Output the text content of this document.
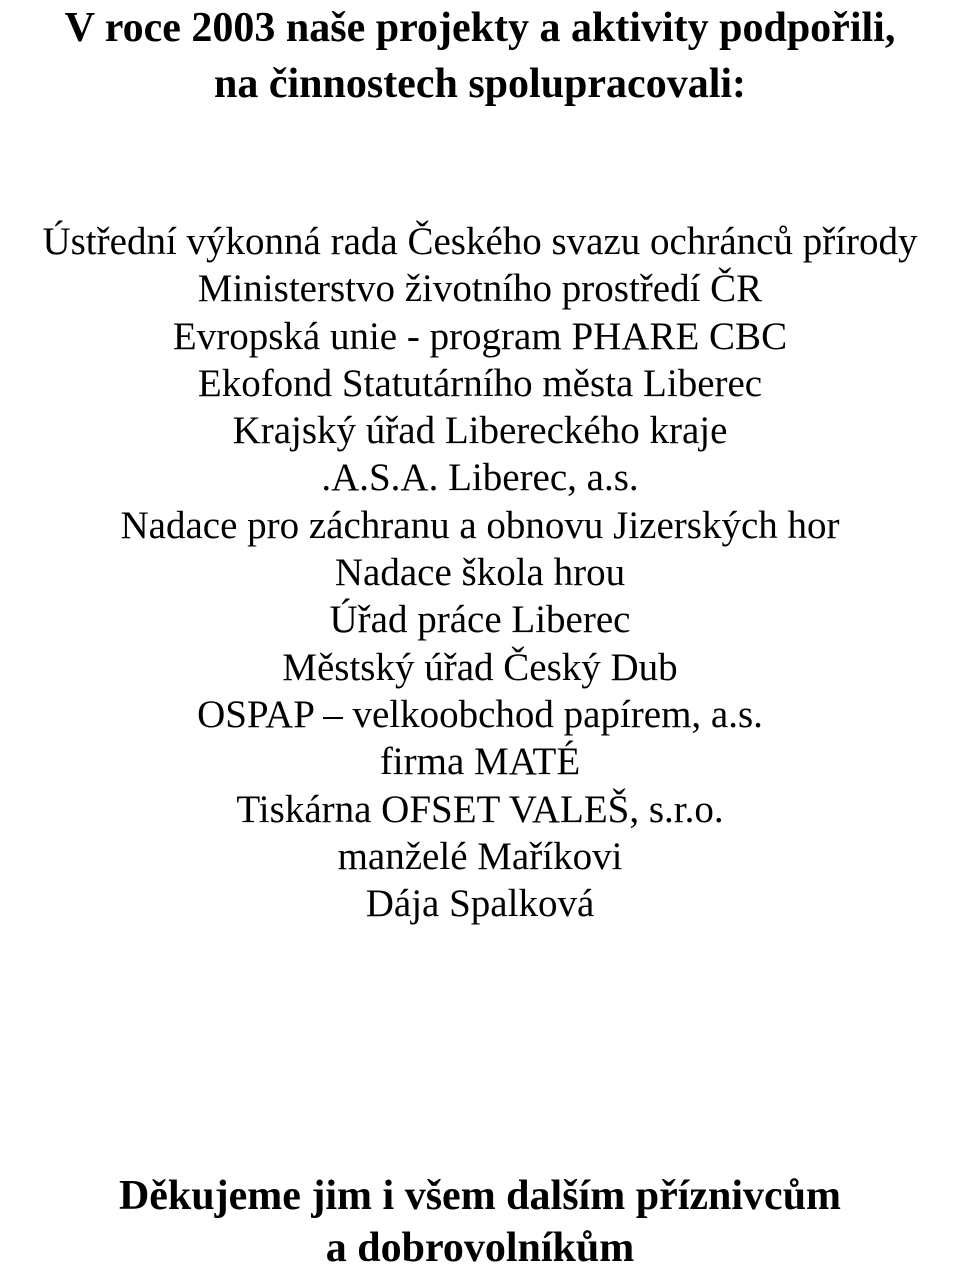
V roce 2003 naše projekty a aktivity podpořili,
na činnostech spolupracovali:
Ústřední výkonná rada Českého svazu ochránců přírody
Ministerstvo životního prostředí ČR
Evropská unie - program PHARE CBC
Ekofond Statutárního města Liberec
Krajský úřad Libereckého kraje
.A.S.A. Liberec, a.s.
Nadace pro záchranu a obnovu Jizerských hor
Nadace škola hrou
Úřad práce Liberec
Městský úřad Český Dub
OSPAP – velkoobchod papírem, a.s.
firma MATÉ
Tiskárna OFSET VALEŠ, s.r.o.
manželé Maříkovi
Dája Spalková

Děkujeme jim i všem dalším příznivcům
a dobrovolníkům
